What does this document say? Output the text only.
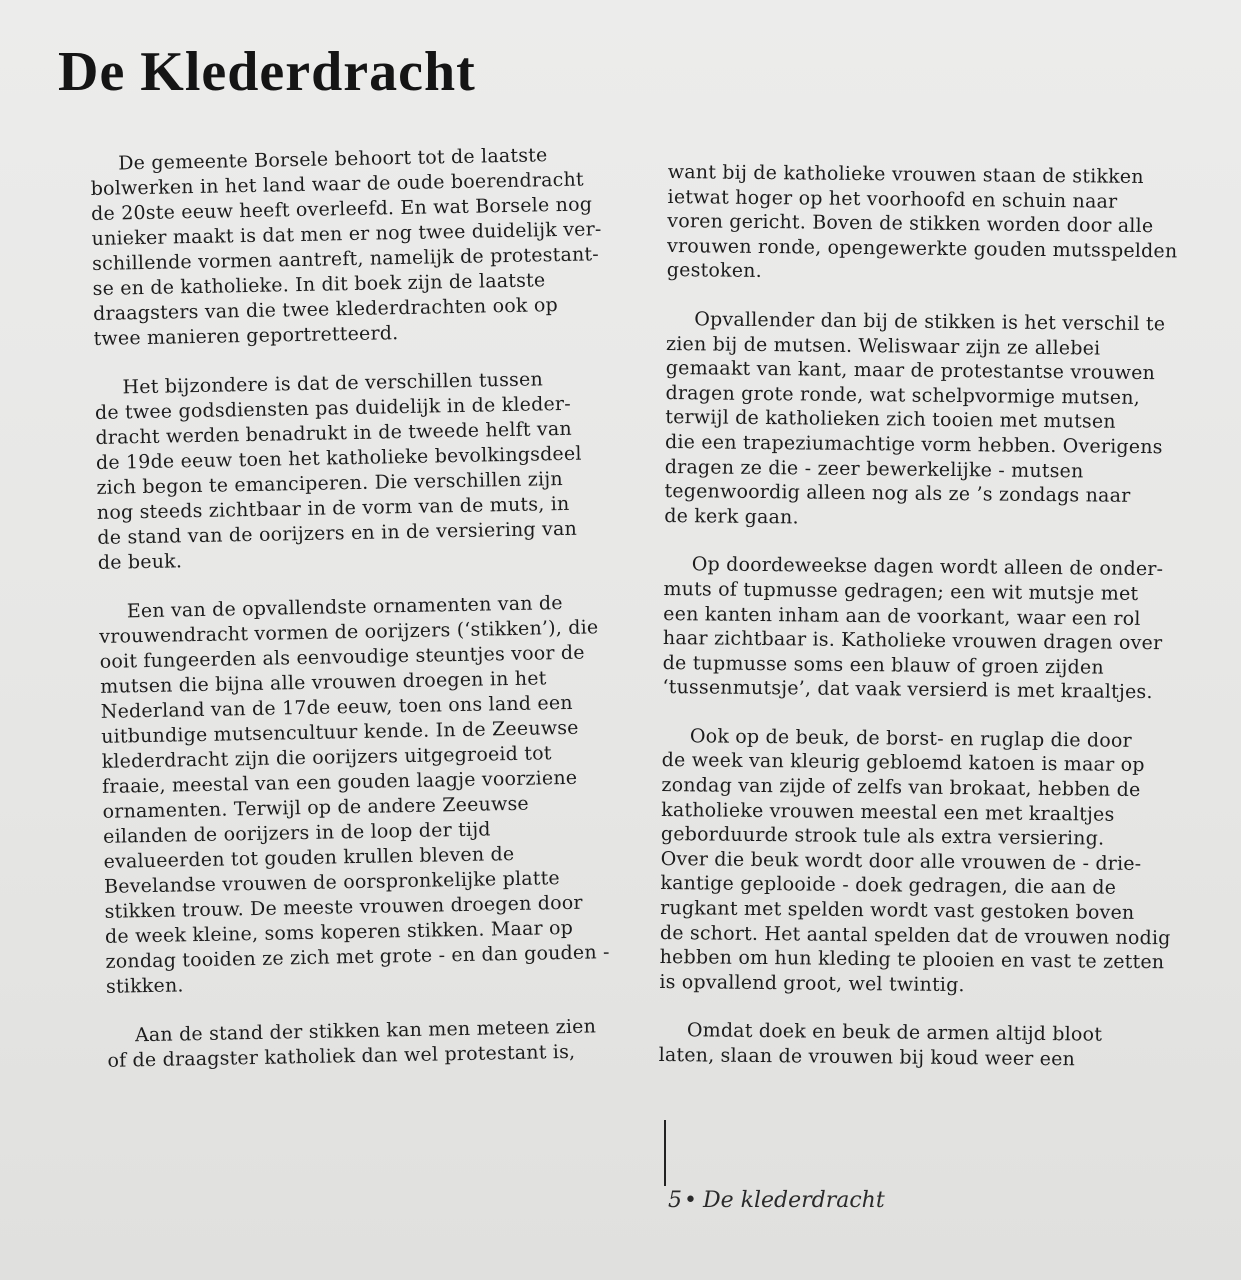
De Klederdracht
De gemeente Borsele behoort tot de laatste
bolwerken in het land waar de oude boerendracht
de 20ste eeuw heeft overleefd. En wat Borsele nog
unieker maakt is dat men er nog twee duidelijk ver-
schillende vormen aantreft, namelijk de protestant-
se en de katholieke. In dit boek zijn de laatste
draagsters van die twee klederdrachten ook op
twee manieren geportretteerd.
Het bijzondere is dat de verschillen tussen
de twee godsdiensten pas duidelijk in de kleder-
dracht werden benadrukt in de tweede helft van
de 19de eeuw toen het katholieke bevolkingsdeel
zich begon te emanciperen. Die verschillen zijn
nog steeds zichtbaar in de vorm van de muts, in
de stand van de oorijzers en in de versiering van
de beuk.
Een van de opvallendste ornamenten van de
vrouwendracht vormen de oorijzers (‘stikken’), die
ooit fungeerden als eenvoudige steuntjes voor de
mutsen die bijna alle vrouwen droegen in het
Nederland van de 17de eeuw, toen ons land een
uitbundige mutsencultuur kende. In de Zeeuwse
klederdracht zijn die oorijzers uitgegroeid tot
fraaie, meestal van een gouden laagje voorziene
ornamenten. Terwijl op de andere Zeeuwse
eilanden de oorijzers in de loop der tijd
evalueerden tot gouden krullen bleven de
Bevelandse vrouwen de oorspronkelijke platte
stikken trouw. De meeste vrouwen droegen door
de week kleine, soms koperen stikken. Maar op
zondag tooiden ze zich met grote - en dan gouden -
stikken.
Aan de stand der stikken kan men meteen zien
of de draagster katholiek dan wel protestant is,
want bij de katholieke vrouwen staan de stikken
ietwat hoger op het voorhoofd en schuin naar
voren gericht. Boven de stikken worden door alle
vrouwen ronde, opengewerkte gouden mutsspelden
gestoken.
Opvallender dan bij de stikken is het verschil te
zien bij de mutsen. Weliswaar zijn ze allebei
gemaakt van kant, maar de protestantse vrouwen
dragen grote ronde, wat schelpvormige mutsen,
terwijl de katholieken zich tooien met mutsen
die een trapeziumachtige vorm hebben. Overigens
dragen ze die - zeer bewerkelijke - mutsen
tegenwoordig alleen nog als ze ’s zondags naar
de kerk gaan.
Op doordeweekse dagen wordt alleen de onder-
muts of tupmusse gedragen; een wit mutsje met
een kanten inham aan de voorkant, waar een rol
haar zichtbaar is. Katholieke vrouwen dragen over
de tupmusse soms een blauw of groen zijden
‘tussenmutsje’, dat vaak versierd is met kraaltjes.
Ook op de beuk, de borst- en ruglap die door
de week van kleurig gebloemd katoen is maar op
zondag van zijde of zelfs van brokaat, hebben de
katholieke vrouwen meestal een met kraaltjes
geborduurde strook tule als extra versiering.
Over die beuk wordt door alle vrouwen de - drie-
kantige geplooide - doek gedragen, die aan de
rugkant met spelden wordt vast gestoken boven
de schort. Het aantal spelden dat de vrouwen nodig
hebben om hun kleding te plooien en vast te zetten
is opvallend groot, wel twintig.
Omdat doek en beuk de armen altijd bloot
laten, slaan de vrouwen bij koud weer een
5• De klederdracht
